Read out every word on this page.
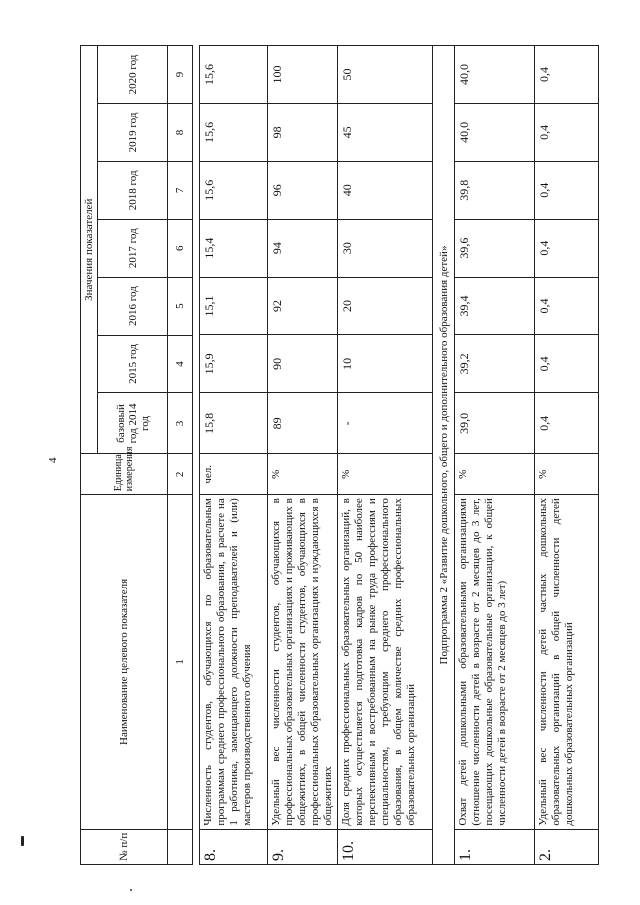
4
№ п/п	Наименование целевого показателя	Единица измерения	Значения показателей						
			базовый год 2014 год	2015 год	2016 год	2017 год	2018 год	2019 год	2020 год
	1	2	3	4	5	6	7	8	9
8.	Численность студентов, обучающихся по образовательным программам среднего профессионального образования, в расчете на 1 работника, замещающего должности преподавателей и (или) мастеров производственного обучения	чел.	15,8	15,9	15,1	15,4	15,6	15,6	15,6
9.	Удельный вес численности студентов, обучающихся в профессиональных образовательных организациях и проживающих в общежитиях, в общей численности студентов, обучающихся в профессиональных образовательных организациях и нуждающихся в общежитиях	%	89	90	92	94	96	98	100
10.	Доля средних профессиональных образовательных организаций, в которых осуществляется подготовка кадров по 50 наиболее перспективным и востребованным на рынке труда профессиям и специальностям, требующим среднего профессионального образования, в общем количестве средних профессиональных образовательных организаций	%	-	10	20	30	40	45	50
Подпрограмма 2 «Развитие дошкольного, общего и дополнительного образования детей»									
1.	Охват детей дошкольными образовательными организациями (отношение численности детей в возрасте от 2 месяцев до 3 лет, посещающих дошкольные образовательные организации, к общей численности детей в возрасте от 2 месяцев до 3 лет)	%	39,0	39,2	39,4	39,6	39,8	40,0	40,0
2.	Удельный вес численности детей частных дошкольных образовательных организаций в общей численности детей дошкольных образовательных организаций	%	0,4	0,4	0,4	0,4	0,4	0,4	0,4
